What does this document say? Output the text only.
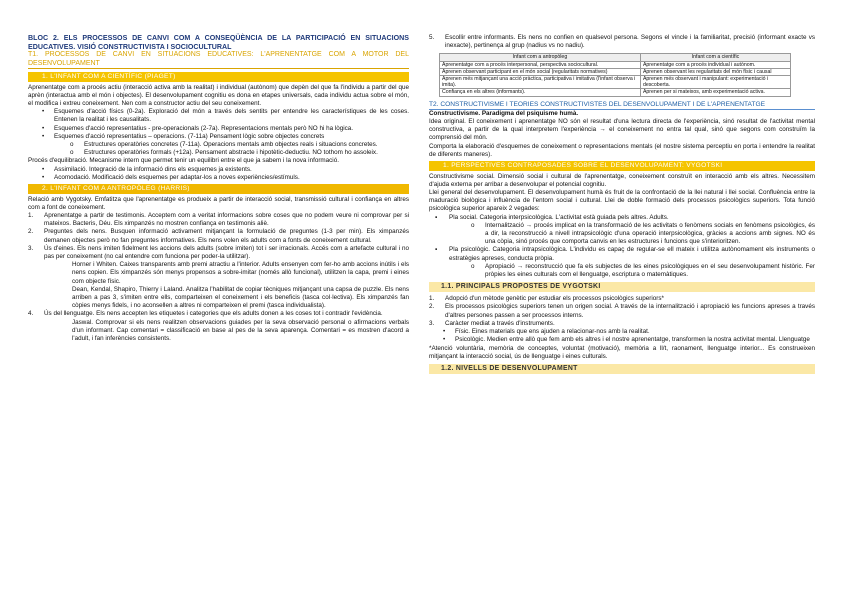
BLOC 2. ELS PROCESSOS DE CANVI COM A CONSEQÜÈNCIA DE LA PARTICIPACIÓ EN SITUACIONS EDUCATIVES. VISIÓ CONSTRUCTIVISTA I SOCIOCULTURAL

T1. PROCESSOS DE CANVI EN SITUACIONS EDUCATIVES: L'APRENENTATGE COM A MOTOR DEL DESENVOLUPAMENT

1. L'INFANT COM A CIENTÍFIC (PIAGET)

Aprenentatge com a procés actiu (interacció activa amb la realitat) i individual (autònom) que depèn del que fa l'individu a partir del que aprèn (interactua amb el món i objectes). El desenvolupament cognitiu es dona en etapes universals, cada individu actua sobre el món, el modifica i extreu coneixement. Nen com a constructor actiu del seu coneixement.

• Esquemes d'acció físics (0-2a). Exploració del món a través dels sentits per entendre les característiques de les coses. Entenen la realitat i les causalitats.
• Esquemes d'acció representatius - pre-operacionals (2-7a). Representacions mentals però NO hi ha lògica.
• Esquemes d'acció representatius – operacions. (7-11a) Pensament lògic sobre objectes concrets
o Estructures operatòries concretes (7-11a). Operacions mentals amb objectes reals i situacions concretes.
o Estructures operatòries formals (+12a). Pensament abstracte i hipotètic-deductiu. NO tothom ho assoleix.

Procés d'equilibració. Mecanisme intern que permet tenir un equilibri entre el que ja sabem i la nova informació.

• Assimilació. Integració de la informació dins els esquemes ja existents.
• Acomodació. Modificació dels esquemes per adaptar-los a noves experiències/estímuls.
2. L'INFANT COM A ANTROPÒLEG (HARRIS)

Relació amb Vygotsky. Emfatitza que l'aprenentatge es produeix a partir de interacció social, transmissió cultural i confiança en altres com a font de coneixement.

1. Aprenentatge a partir de testimonis. Acceptem com a veritat informacions sobre coses que no podem veure ni comprovar per si mateixos. Bacteris, Déu. Els ximpanzés no mostren confiança en testimonis aliè.
2. Preguntes dels nens. Busquen informació activament mitjançant la formulació de preguntes (1-3 per min). Els ximpanzés demanen objectes però no fan preguntes informatives. Els nens volen els adults com a fonts de coneixement cultural.
3. Ús d'eines. Els nens imiten fidelment les accions dels adults (sobre imiten) tot i ser irracionals. Accés com a artefacte cultural i no pas per coneixement (no cal entendre com funciona per poder-la utilitzar).

Horner i Whiten. Caixes transparents amb premi atractiu a l'interior. Adults ensenyen com fer-ho amb accions inútils i els nens copien. Els ximpanzés són menys propensos a sobre-imitar (només allò funcional), utilitzen la capa, premi i eines com objecte físic.

Dean, Kendal, Shapiro, Thierry i Laland. Analitza l'habilitat de copiar tècniques mitjançant una capsa de puzzle. Els nens arriben a pas 3, s'imiten entre ells, comparteixen el coneixement i els beneficis (tasca col·lectiva). Els ximpanzés fan còpies menys fidels, i no aconsellen a altres ni comparteixen el premi (tasca individualista).

4. Ús del llenguatge. Els nens accepten les etiquetes i categories que els adults donen a les coses tot i contradir l'evidència.

Jaswal. Comprovar si els nens realitzen observacions guiades per la seva observació personal o afirmacions verbals d'un informant. Cap comentari = classificació en base al pes de la seva aparença. Comentari = es mostren d'acord a l'adult, i fan inferències consistents.

5. Escollir entre informants. Els nens no confien en qualsevol persona. Segons el vincle i la familiaritat, precisió (informant exacte vs inexacte), pertinença al grup (nadius vs no nadiu).
Infant com a antropòleg	Infant com a científic
Aprenentatge com a procés interpersonal, perspectiva sociocultural.	Aprenentatge com a procés individual i autònom.
Aprenen observant participant en el món social (regularitats normatives)	Aprenen observant les regularitats del món físic i causal
Aprenen més mitjançant una acció pràctica, participativa i imitativa (l'infant observa i imita).	Aprenen més observant i manipulant: experimentació i descoberta.
Confiança en els altres (informants).	Aprenen per si mateixos, amb experimentació activa.

T2. CONSTRUCTIVISME I TEORIES CONSTRUCTIVISTES DEL DESENVOLUPAMENT I DE L'APRENENTATGE

Constructivisme. Paradigma del psiquisme humà.

Idea original. El coneixement i aprenentatge NO són el resultat d'una lectura directa de l'experiència, sinó resultat de l'activitat mental constructiva, a partir de la qual interpretem l'experiència → el coneixement no entra tal qual, sinó que segons com construïm la comprensió del món.

Comporta la elaboració d'esquemes de coneixement o representacions mentals (el nostre sistema perceptiu en porta i entendre la realitat de diferents maneres).

1. PERSPECTIVES CONTRAPOSADES SOBRE EL DESENVOLUPAMENT: VYGOTSKI

Constructivisme social. Dimensió social i cultural de l'aprenentatge, coneixement construït en interacció amb els altres. Necessitem d'ajuda externa per arribar a desenvolupar el potencial cognitiu.

Llei general del desenvolupament. El desenvolupament humà és fruit de la confrontació de la llei natural i llei social. Confluència entre la maduració biològica i influència de l'entorn social i cultural. Llei de doble formació dels processos psicològics superiors. Tota funció psicològica superior apareix 2 vegades:

▪ Pla social. Categoria interpsicològica. L'activitat està guiada pels altres. Adults.
o Internalització → procés implicat en la transformació de les activitats o fenòmens socials en fenòmens psicològics, és a dir, la reconstrucció a nivell intrapsicològic d'una operació interpsicològica, gràcies a accions amb signes. NO és una còpia, sinó procés que comporta canvis en les estructures i funcions que s'interioritzen.
▪ Pla psicològic. Categoria intrapsicològica. L'individu es capaç de regular-se ell mateix i utilitza autònomament els instruments o estratègies apreses, conducta pròpia.
o Apropiació → reconstrucció que fa els subjectes de les eines psicològiques en el seu desenvolupament històric. Fer pròpies les eines culturals com el llenguatge, escriptura o matemàtiques.
1.1. PRINCIPALS PROPOSTES DE VYGOTSKI
1. Adopció d'un mètode genètic per estudiar els processos psicològics superiors*
2. Els processos psicològics superiors tenen un origen social. A través de la internalització i apropiació les funcions apreses a través d'altres persones passen a ser processos interns.
3. Caràcter mediat a través d'instruments.
• Físic. Eines materials que ens ajuden a relacionar-nos amb la realitat.
• Psicològic. Medien entre allò que fem amb els altres i el nostre aprenentatge, transformen la nostra activitat mental. Llenguatge

*Atenció voluntària, memòria de conceptes, voluntat (motivació), memòria a ll/t, raonament, llenguatge interior... Es construeixen mitjançant la interacció social, ús de llenguatge i eines culturals.

1.2. NIVELLS DE DESENVOLUPAMENT
